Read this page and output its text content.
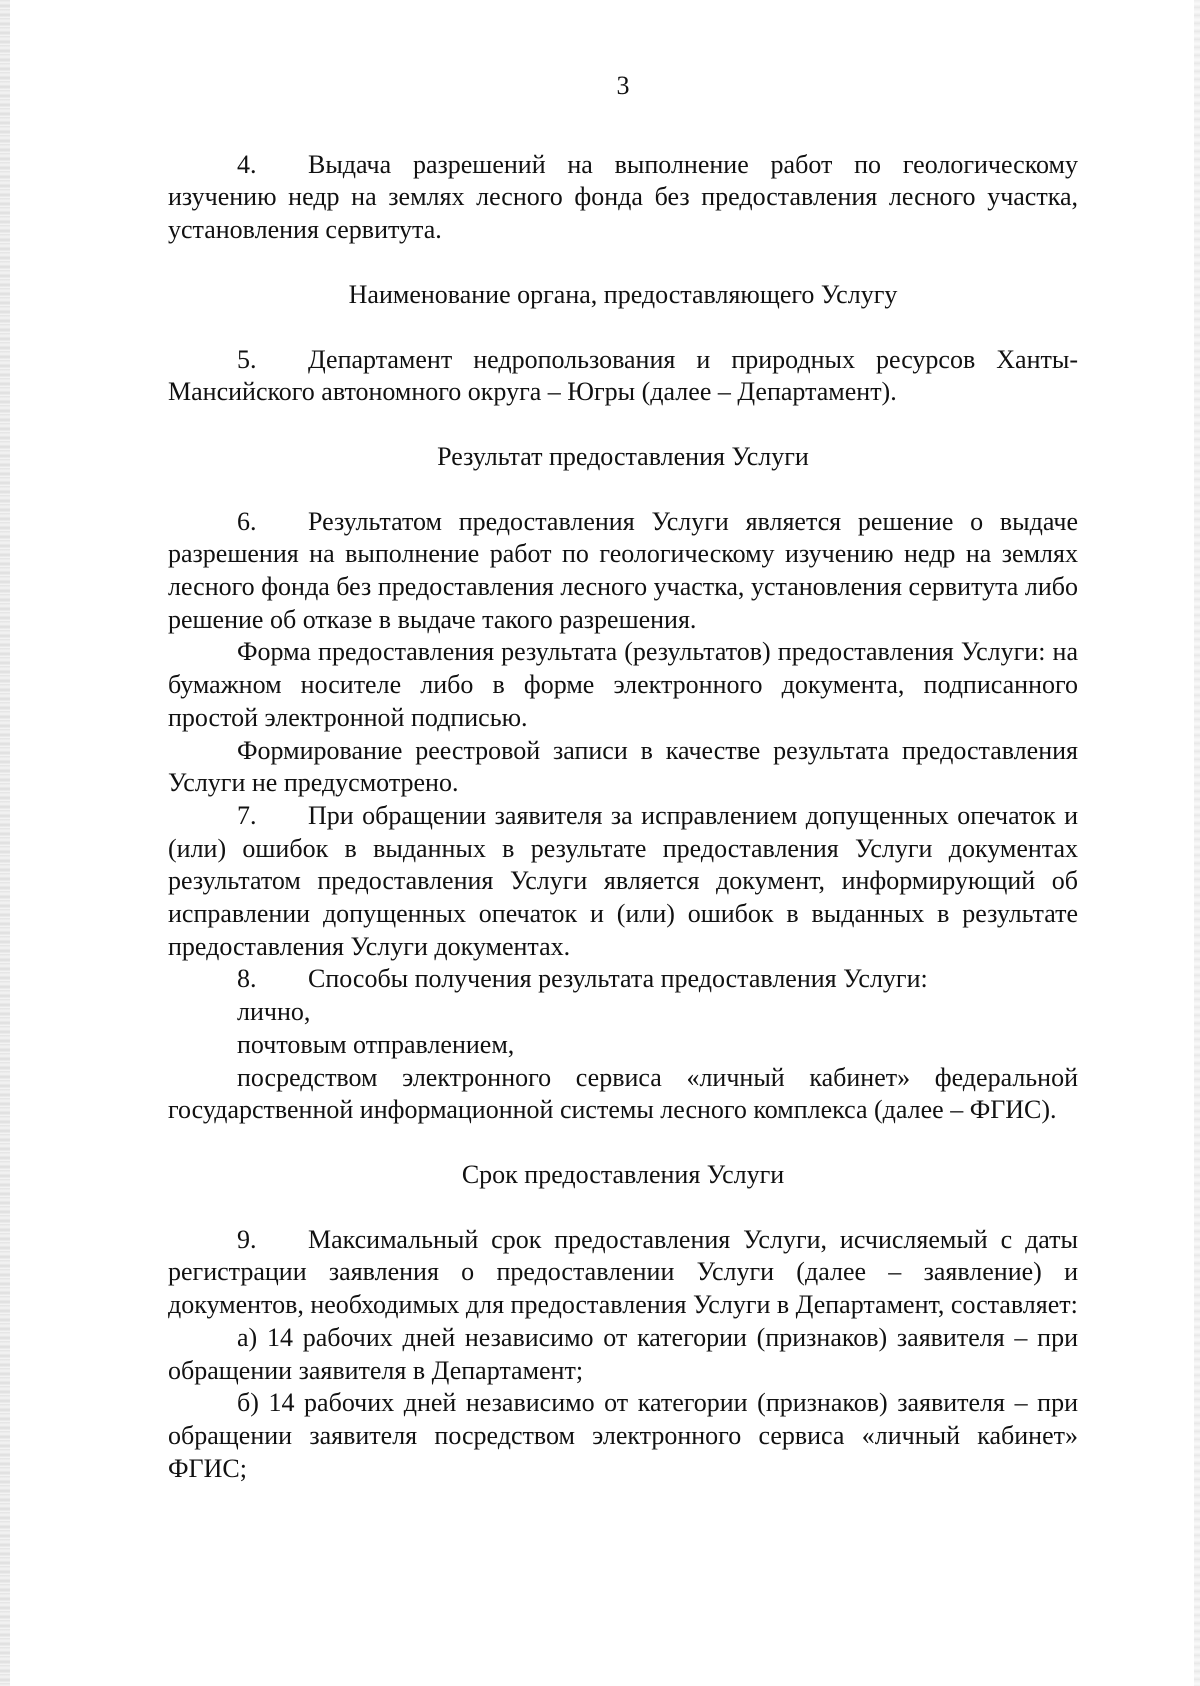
3

4. Выдача разрешений на выполнение работ по геологическому изучению недр на землях лесного фонда без предоставления лесного участка, установления сервитута.

Наименование органа, предоставляющего Услугу

5. Департамент недропользования и природных ресурсов Ханты-Мансийского автономного округа – Югры (далее – Департамент).

Результат предоставления Услуги

6. Результатом предоставления Услуги является решение о выдаче разрешения на выполнение работ по геологическому изучению недр на землях лесного фонда без предоставления лесного участка, установления сервитута либо решение об отказе в выдаче такого разрешения.

Форма предоставления результата (результатов) предоставления Услуги: на бумажном носителе либо в форме электронного документа, подписанного простой электронной подписью.

Формирование реестровой записи в качестве результата предоставления Услуги не предусмотрено.

7. При обращении заявителя за исправлением допущенных опечаток и (или) ошибок в выданных в результате предоставления Услуги документах результатом предоставления Услуги является документ, информирующий об исправлении допущенных опечаток и (или) ошибок в выданных в результате предоставления Услуги документах.

8. Способы получения результата предоставления Услуги:

лично,

почтовым отправлением,

посредством электронного сервиса «личный кабинет» федеральной государственной информационной системы лесного комплекса (далее – ФГИС).

Срок предоставления Услуги

9. Максимальный срок предоставления Услуги, исчисляемый с даты регистрации заявления о предоставлении Услуги (далее – заявление) и документов, необходимых для предоставления Услуги в Департамент, составляет:

а) 14 рабочих дней независимо от категории (признаков) заявителя – при обращении заявителя в Департамент;

б) 14 рабочих дней независимо от категории (признаков) заявителя – при обращении заявителя посредством электронного сервиса «личный кабинет» ФГИС;
